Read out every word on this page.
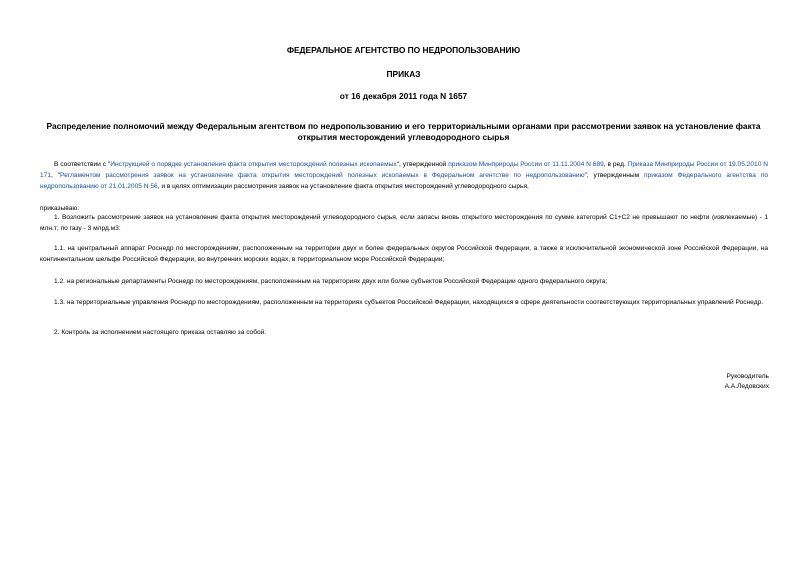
ФЕДЕРАЛЬНОЕ АГЕНТСТВО ПО НЕДРОПОЛЬЗОВАНИЮ

ПРИКАЗ

от 16 декабря 2011 года N 1657

Распределение полномочий между Федеральным агентством по недропользованию и его территориальными органами при рассмотрении заявок на установление факта открытия месторождений углеводородного сырья

В соответствии с "Инструкцией о порядке установления факта открытия месторождений полезных ископаемых", утвержденной приказом Минприроды России от 11.11.2004 N 689, в ред. Приказа Минприроды России от 19.05.2010 N 171, "Регламентом рассмотрения заявок на установление факта открытия месторождений полезных ископаемых в Федеральном агентстве по недропользованию", утвержденным приказом Федерального агентства по недропользованию от 21.01.2005 N 56, и в целях оптимизации рассмотрения заявок на установление факта открытия месторождений углеводородного сырья,

приказываю:

1. Возложить рассмотрение заявок на установление факта открытия месторождений углеводородного сырья, если запасы вновь открытого месторождения по сумме категорий С1+С2 не превышают по нефти (извлекаемые) - 1 млн.т; по газу - 3 млрд.м3:

1.1. на центральный аппарат Роснедр по месторождениям, расположенным на территории двух и более федеральных округов Российской Федерации, а также в исключительной экономической зоне Российской Федерации, на континентальном шельфе Российской Федерации, во внутренних морских водах, в территориальном море Российской Федерации;

1.2. на региональные департаменты Роснедр по месторождениям, расположенным на территориях двух или более субъектов Российской Федерации одного федерального округа;

1.3. на территориальные управления Роснедр по месторождениям, расположенным на территориях субъектов Российской Федерации, находящихся в сфере деятельности соответствующих территориальных управлений Роснедр.

2. Контроль за исполнением настоящего приказа оставляю за собой.

Руководитель

А.А.Ледовских
